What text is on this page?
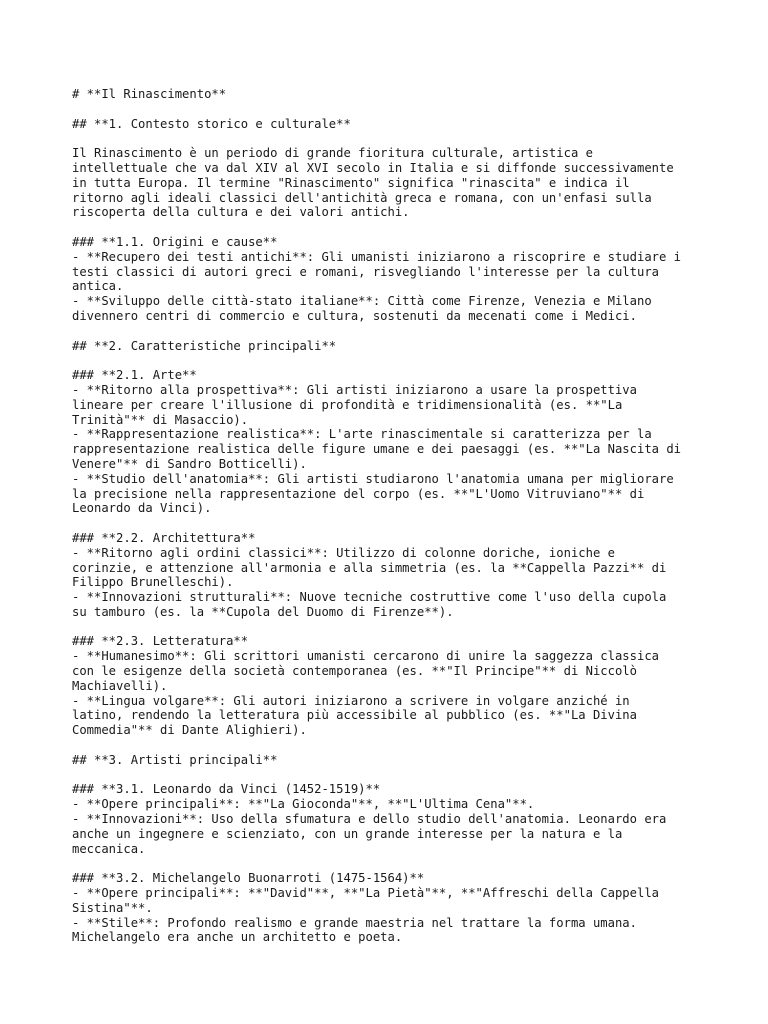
# **Il Rinascimento**

## **1. Contesto storico e culturale**

Il Rinascimento è un periodo di grande fioritura culturale, artistica e

intellettuale che va dal XIV al XVI secolo in Italia e si diffonde successivamente

in tutta Europa. Il termine "Rinascimento" significa "rinascita" e indica il

ritorno agli ideali classici dell'antichità greca e romana, con un'enfasi sulla

riscoperta della cultura e dei valori antichi.

### **1.1. Origini e cause**

- **Recupero dei testi antichi**: Gli umanisti iniziarono a riscoprire e studiare i

testi classici di autori greci e romani, risvegliando l'interesse per la cultura

antica.

- **Sviluppo delle città-stato italiane**: Città come Firenze, Venezia e Milano

divennero centri di commercio e cultura, sostenuti da mecenati come i Medici.

## **2. Caratteristiche principali**

### **2.1. Arte**

- **Ritorno alla prospettiva**: Gli artisti iniziarono a usare la prospettiva

lineare per creare l'illusione di profondità e tridimensionalità (es. **"La

Trinità"** di Masaccio).

- **Rappresentazione realistica**: L'arte rinascimentale si caratterizza per la

rappresentazione realistica delle figure umane e dei paesaggi (es. **"La Nascita di

Venere"** di Sandro Botticelli).

- **Studio dell'anatomia**: Gli artisti studiarono l'anatomia umana per migliorare

la precisione nella rappresentazione del corpo (es. **"L'Uomo Vitruviano"** di

Leonardo da Vinci).

### **2.2. Architettura**

- **Ritorno agli ordini classici**: Utilizzo di colonne doriche, ioniche e

corinzie, e attenzione all'armonia e alla simmetria (es. la **Cappella Pazzi** di

Filippo Brunelleschi).

- **Innovazioni strutturali**: Nuove tecniche costruttive come l'uso della cupola

su tamburo (es. la **Cupola del Duomo di Firenze**).

### **2.3. Letteratura**

- **Humanesimo**: Gli scrittori umanisti cercarono di unire la saggezza classica

con le esigenze della società contemporanea (es. **"Il Principe"** di Niccolò

Machiavelli).

- **Lingua volgare**: Gli autori iniziarono a scrivere in volgare anziché in

latino, rendendo la letteratura più accessibile al pubblico (es. **"La Divina

Commedia"** di Dante Alighieri).

## **3. Artisti principali**

### **3.1. Leonardo da Vinci (1452-1519)**

- **Opere principali**: **"La Gioconda"**, **"L'Ultima Cena"**.

- **Innovazioni**: Uso della sfumatura e dello studio dell'anatomia. Leonardo era

anche un ingegnere e scienziato, con un grande interesse per la natura e la

meccanica.

### **3.2. Michelangelo Buonarroti (1475-1564)**

- **Opere principali**: **"David"**, **"La Pietà"**, **"Affreschi della Cappella

Sistina"**.

- **Stile**: Profondo realismo e grande maestria nel trattare la forma umana.

Michelangelo era anche un architetto e poeta.
